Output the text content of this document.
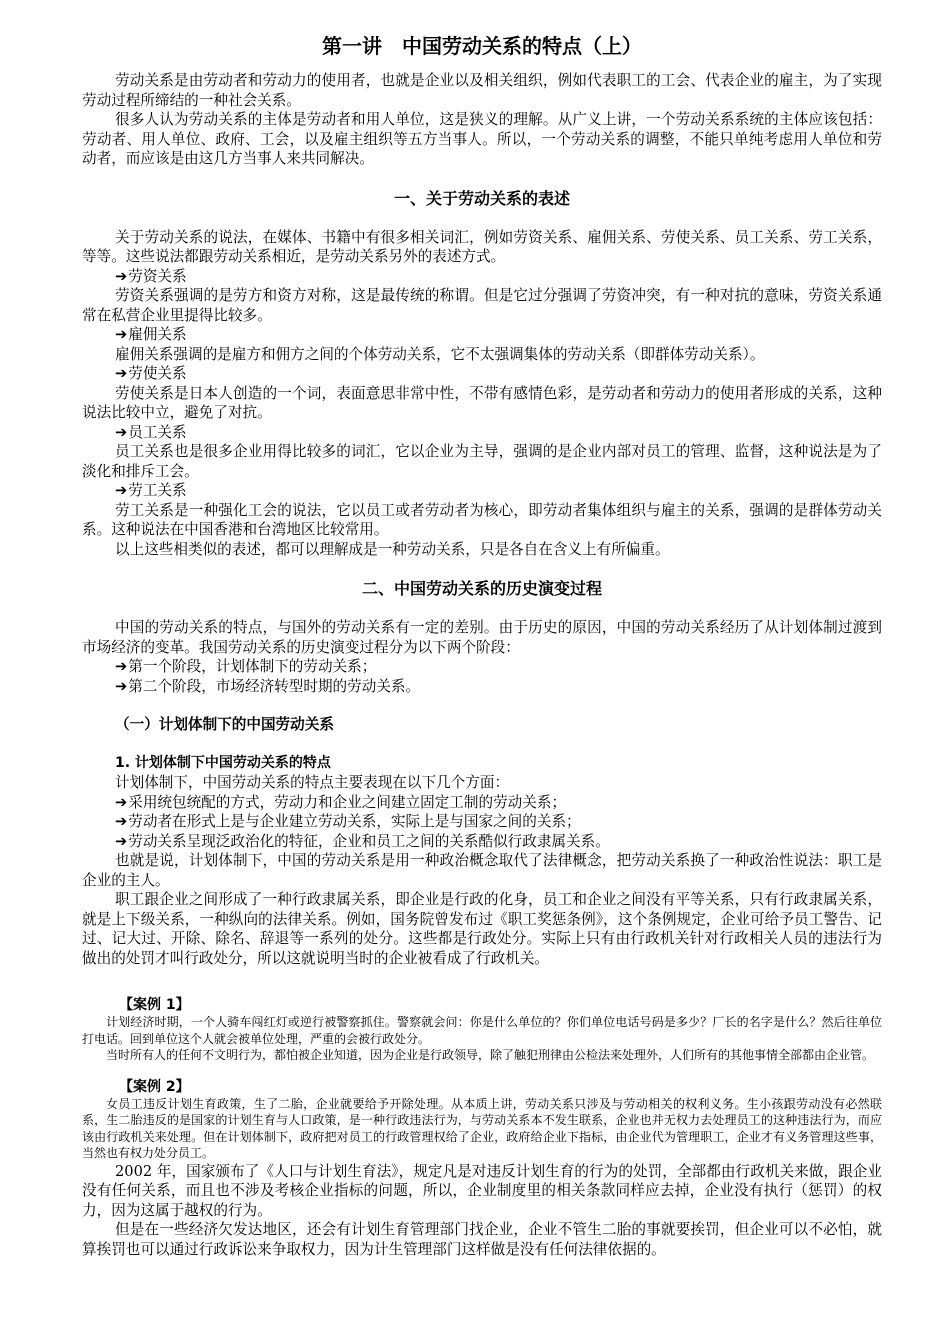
第一讲　中国劳动关系的特点（上）

劳动关系是由劳动者和劳动力的使用者，也就是企业以及相关组织，例如代表职工的工会、代表企业的雇主，为了实现劳动过程所缔结的一种社会关系。

很多人认为劳动关系的主体是劳动者和用人单位，这是狭义的理解。从广义上讲，一个劳动关系系统的主体应该包括：劳动者、用人单位、政府、工会，以及雇主组织等五方当事人。所以，一个劳动关系的调整，不能只单纯考虑用人单位和劳动者，而应该是由这几方当事人来共同解决。

一、关于劳动关系的表述

关于劳动关系的说法，在媒体、书籍中有很多相关词汇，例如劳资关系、雇佣关系、劳使关系、员工关系、劳工关系，等等。这些说法都跟劳动关系相近，是劳动关系另外的表述方式。

➔劳资关系

劳资关系强调的是劳方和资方对称，这是最传统的称谓。但是它过分强调了劳资冲突，有一种对抗的意味，劳资关系通常在私营企业里提得比较多。

➔雇佣关系

雇佣关系强调的是雇方和佣方之间的个体劳动关系，它不太强调集体的劳动关系（即群体劳动关系）。

➔劳使关系

劳使关系是日本人创造的一个词，表面意思非常中性，不带有感情色彩，是劳动者和劳动力的使用者形成的关系，这种说法比较中立，避免了对抗。

➔员工关系

员工关系也是很多企业用得比较多的词汇，它以企业为主导，强调的是企业内部对员工的管理、监督，这种说法是为了淡化和排斥工会。

➔劳工关系

劳工关系是一种强化工会的说法，它以员工或者劳动者为核心，即劳动者集体组织与雇主的关系，强调的是群体劳动关系。这种说法在中国香港和台湾地区比较常用。

以上这些相类似的表述，都可以理解成是一种劳动关系，只是各自在含义上有所偏重。

二、中国劳动关系的历史演变过程

中国的劳动关系的特点，与国外的劳动关系有一定的差别。由于历史的原因，中国的劳动关系经历了从计划体制过渡到市场经济的变革。我国劳动关系的历史演变过程分为以下两个阶段：

➔第一个阶段，计划体制下的劳动关系；

➔第二个阶段，市场经济转型时期的劳动关系。

（一）计划体制下的中国劳动关系
1. 计划体制下中国劳动关系的特点

计划体制下，中国劳动关系的特点主要表现在以下几个方面：

➔采用统包统配的方式，劳动力和企业之间建立固定工制的劳动关系；

➔劳动者在形式上是与企业建立劳动关系，实际上是与国家之间的关系；

➔劳动关系呈现泛政治化的特征，企业和员工之间的关系酷似行政隶属关系。

也就是说，计划体制下，中国的劳动关系是用一种政治概念取代了法律概念，把劳动关系换了一种政治性说法：职工是企业的主人。

职工跟企业之间形成了一种行政隶属关系，即企业是行政的化身，员工和企业之间没有平等关系，只有行政隶属关系，就是上下级关系，一种纵向的法律关系。例如，国务院曾发布过《职工奖惩条例》，这个条例规定，企业可给予员工警告、记过、记大过、开除、除名、辞退等一系列的处分。这些都是行政处分。实际上只有由行政机关针对行政相关人员的违法行为做出的处罚才叫行政处分，所以这就说明当时的企业被看成了行政机关。

【案例 1】

计划经济时期，一个人骑车闯红灯或逆行被警察抓住。警察就会问：你是什么单位的？你们单位电话号码是多少？厂长的名字是什么？然后往单位打电话。回到单位这个人就会被单位处理，严重的会被行政处分。

当时所有人的任何不文明行为，都怕被企业知道，因为企业是行政领导，除了触犯刑律由公检法来处理外，人们所有的其他事情全部都由企业管。

【案例 2】

女员工违反计划生育政策，生了二胎，企业就要给予开除处理。从本质上讲，劳动关系只涉及与劳动相关的权利义务。生小孩跟劳动没有必然联系，生二胎违反的是国家的计划生育与人口政策，是一种行政违法行为，与劳动关系本不发生联系，企业也并无权力去处理员工的这种违法行为，而应该由行政机关来处理。但在计划体制下，政府把对员工的行政管理权给了企业，政府给企业下指标，由企业代为管理职工，企业才有义务管理这些事，当然也有权力处分员工。

2002 年，国家颁布了《人口与计划生育法》，规定凡是对违反计划生育的行为的处罚，全部都由行政机关来做，跟企业没有任何关系，而且也不涉及考核企业指标的问题，所以，企业制度里的相关条款同样应去掉，企业没有执行（惩罚）的权力，因为这属于越权的行为。

但是在一些经济欠发达地区，还会有计划生育管理部门找企业，企业不管生二胎的事就要挨罚，但企业可以不必怕，就算挨罚也可以通过行政诉讼来争取权力，因为计生管理部门这样做是没有任何法律依据的。
